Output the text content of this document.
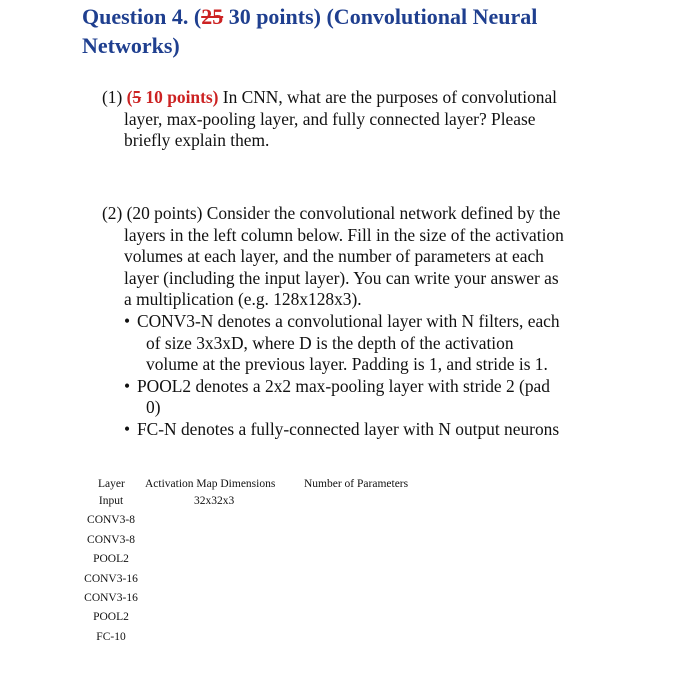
Question 4. (25 30 points) (Convolutional Neural
Networks)
(1) (5 10 points) In CNN, what are the purposes of convolutional
layer, max-pooling layer, and fully connected layer? Please
briefly explain them.
(2) (20 points) Consider the convolutional network defined by the
layers in the left column below. Fill in the size of the activation
volumes at each layer, and the number of parameters at each
layer (including the input layer). You can write your answer as
a multiplication (e.g. 128x128x3).
• CONV3-N denotes a convolutional layer with N filters, each
of size 3x3xD, where D is the depth of the activation
volume at the previous layer. Padding is 1, and stride is 1.
• POOL2 denotes a 2x2 max-pooling layer with stride 2 (pad
0)
• FC-N denotes a fully-connected layer with N output neurons
Layer Activation Map Dimensions Number of Parameters
32x32x3
Input
CONV3-8
CONV3-8
POOL2
CONV3-16
CONV3-16
POOL2
FC-10
